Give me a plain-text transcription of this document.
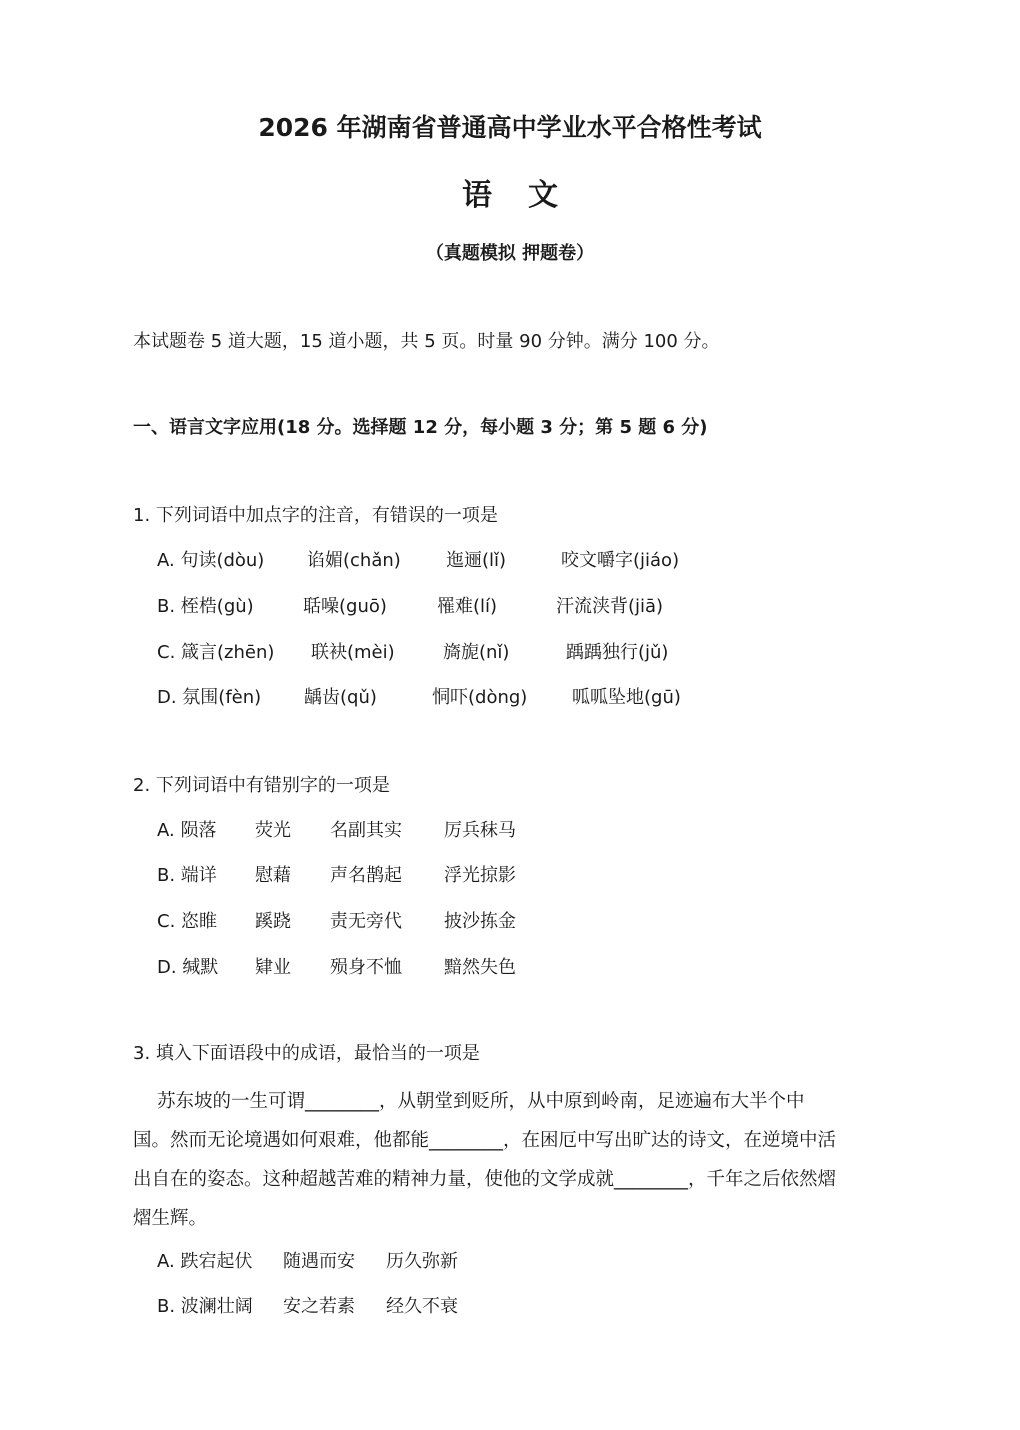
2026 年湖南省普通高中学业水平合格性考试
语文
（真题模拟 押题卷）
本试题卷 5 道大题，15 道小题，共 5 页。时量 90 分钟。满分 100 分。
一、语言文字应用(18 分。选择题 12 分，每小题 3 分；第 5 题 6 分)
1. 下列词语中加点字的注音，有错误的一项是
A. 句读(dòu) 谄媚(chǎn)	迤逦(lǐ)	咬文嚼字(jiáo)
B. 桎梏(gù)	聒噪(guō)	罹难(lí)	汗流浃背(jiā)
C. 箴言(zhēn) 联袂(mèi)	旖旎(nǐ)	踽踽独行(jǔ)
D. 氛围(fèn) 龋齿(qǔ)	恫吓(dòng) 呱呱坠地(gū)
2. 下列词语中有错别字的一项是
A. 陨落 荧光 名副其实 厉兵秣马
B. 端详 慰藉 声名鹊起 浮光掠影
C. 恣睢 蹊跷 责无旁代 披沙拣金
D. 缄默 肄业 殒身不恤 黯然失色
3. 填入下面语段中的成语，最恰当的一项是
苏东坡的一生可谓________，从朝堂到贬所，从中原到岭南，足迹遍布大半个中
国。然而无论境遇如何艰难，他都能________，在困厄中写出旷达的诗文，在逆境中活
出自在的姿态。这种超越苦难的精神力量，使他的文学成就________，千年之后依然熠
熠生辉。
A. 跌宕起伏 随遇而安 历久弥新
B. 波澜壮阔 安之若素 经久不衰
